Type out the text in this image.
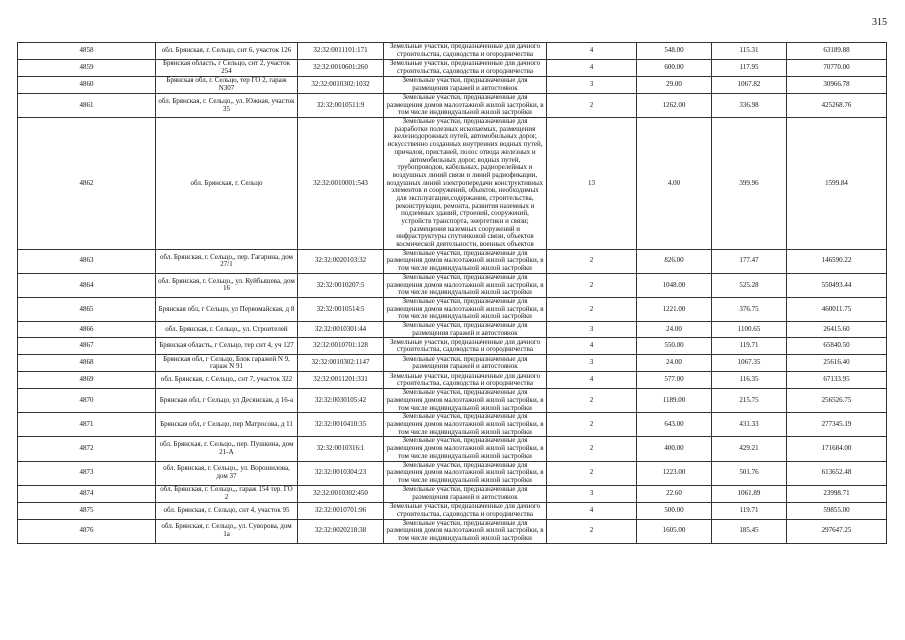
315
4858	обл. Брянская, г. Сельцо, снт 6, участок 126	32:32:0011101:171	Земельные участки, предназначенные для дачного строительства, садоводства и огородничества	4	548.00	115.31	63189.88
4859	Брянская область, г Сельцо, снт 2, участок 254	32:32:0010601:260	Земельные участки, предназначенные для дачного строительства, садоводства и огородничества	4	600.00	117.95	70770.00
4860	Брянская обл, г. Сельцо, тер ГО 2, гараж N307	32:32:0010302:1032	Земельные участки, предназначенные для размещения гаражей и автостоянок	3	29.00	1067.82	30966.78
4861	обл. Брянская, г. Сельцо,, ул. Южная, участок 35	32:32:0010511:9	Земельные участки, предназначенные для размещения домов малоэтажной жилой застройки, в том числе индивидуальной жилой застройки	2	1262.00	336.98	425268.76
4862	обл. Брянская, г. Сельцо	32:32:0010001:543	Земельные участки, предназначенные для разработки полезных ископаемых, размещения железнодорожных путей, автомобильных дорог, искусственно созданных внутренних водных путей, причалов, пристаней, полос отвода железных и автомобильных дорог, водных путей, трубопроводов, кабельных, радиорелейных и воздушных линий связи и линий радиофикации, воздушных линий электропередачи конструктивных элементов и сооружений, объектов, необходимых для эксплуатации,содержания, строительства, реконструкции, ремонта, развития наземных и подземных зданий, строений, сооружений, устройств транспорта, энергетики и связи; размещения наземных сооружений и инфраструктуры спутниковой связи, объектов космической деятельности, военных объектов	13	4.00	399.96	1599.84
4863	обл. Брянская, г. Сельцо,, пер. Гагарина, дом 27/1	32:32:0020103:32	Земельные участки, предназначенные для размещения домов малоэтажной жилой застройки, в том числе индивидуальной жилой застройки	2	826.00	177.47	146590.22
4864	обл. Брянская, г. Сельцо,, ул. Куйбышева, дом 16	32:32:0010207:5	Земельные участки, предназначенные для размещения домов малоэтажной жилой застройки, в том числе индивидуальной жилой застройки	2	1048.00	525.28	550493.44
4865	Брянская обл, г Сельцо, ул Первомайская, д 8	32:32:0010514:5	Земельные участки, предназначенные для размещения домов малоэтажной жилой застройки, в том числе индивидуальной жилой застройки	2	1221.00	376.75	460011.75
4866	обл. Брянская, г. Сельцо,, ул. Строителей	32:32:0010301:44	Земельные участки, предназначенные для размещения гаражей и автостоянок	3	24.00	1100.65	26415.60
4867	Брянская область, г Сельцо, тер снт 4, уч 127	32:32:0010701:128	Земельные участки, предназначенные для дачного строительства, садоводства и огородничества	4	550.00	119.71	65840.50
4868	Брянская обл, г Сельцо, Блок гаражей N 9, гараж N 91	32:32:0010302:1147	Земельные участки, предназначенные для размещения гаражей и автостоянок	3	24.00	1067.35	25616.40
4869	обл. Брянская, г. Сельцо,, снт 7, участок 322	32:32:0011201:331	Земельные участки, предназначенные для дачного строительства, садоводства и огородничества	4	577.00	116.35	67133.95
4870	Брянская обл, г Сельцо, ул Десянская, д 16-а	32:32:0030105:42	Земельные участки, предназначенные для размещения домов малоэтажной жилой застройки, в том числе индивидуальной жилой застройки	2	1189.00	215.75	256526.75
4871	Брянская обл, г Сельцо, пер Матросова, д 11	32:32:0010410:35	Земельные участки, предназначенные для размещения домов малоэтажной жилой застройки, в том числе индивидуальной жилой застройки	2	643.00	431.33	277345.19
4872	обл. Брянская, г. Сельцо,, пер. Пушкина, дом 21-А	32:32:0010316:1	Земельные участки, предназначенные для размещения домов малоэтажной жилой застройки, в том числе индивидуальной жилой застройки	2	400.00	429.21	171684.00
4873	обл. Брянская, г. Сельцо,, ул. Ворошилова, дом 37	32:32:0010304:23	Земельные участки, предназначенные для размещения домов малоэтажной жилой застройки, в том числе индивидуальной жилой застройки	2	1223.00	501.76	613652.48
4874	обл. Брянская, г. Сельцо,,, гараж 154 тер. ГО 2	32:32:0010302:450	Земельные участки, предназначенные для размещения гаражей и автостоянок	3	22.60	1061.89	23998.71
4875	обл. Брянская, г. Сельцо, снт 4, участок 95	32:32:0010701:96	Земельные участки, предназначенные для дачного строительства, садоводства и огородничества	4	500.00	119.71	59855.00
4876	обл. Брянская, г. Сельцо,, ул. Суворова, дом 1а	32:32:0020218:38	Земельные участки, предназначенные для размещения домов малоэтажной жилой застройки, в том числе индивидуальной жилой застройки	2	1605.00	185.45	297647.25
